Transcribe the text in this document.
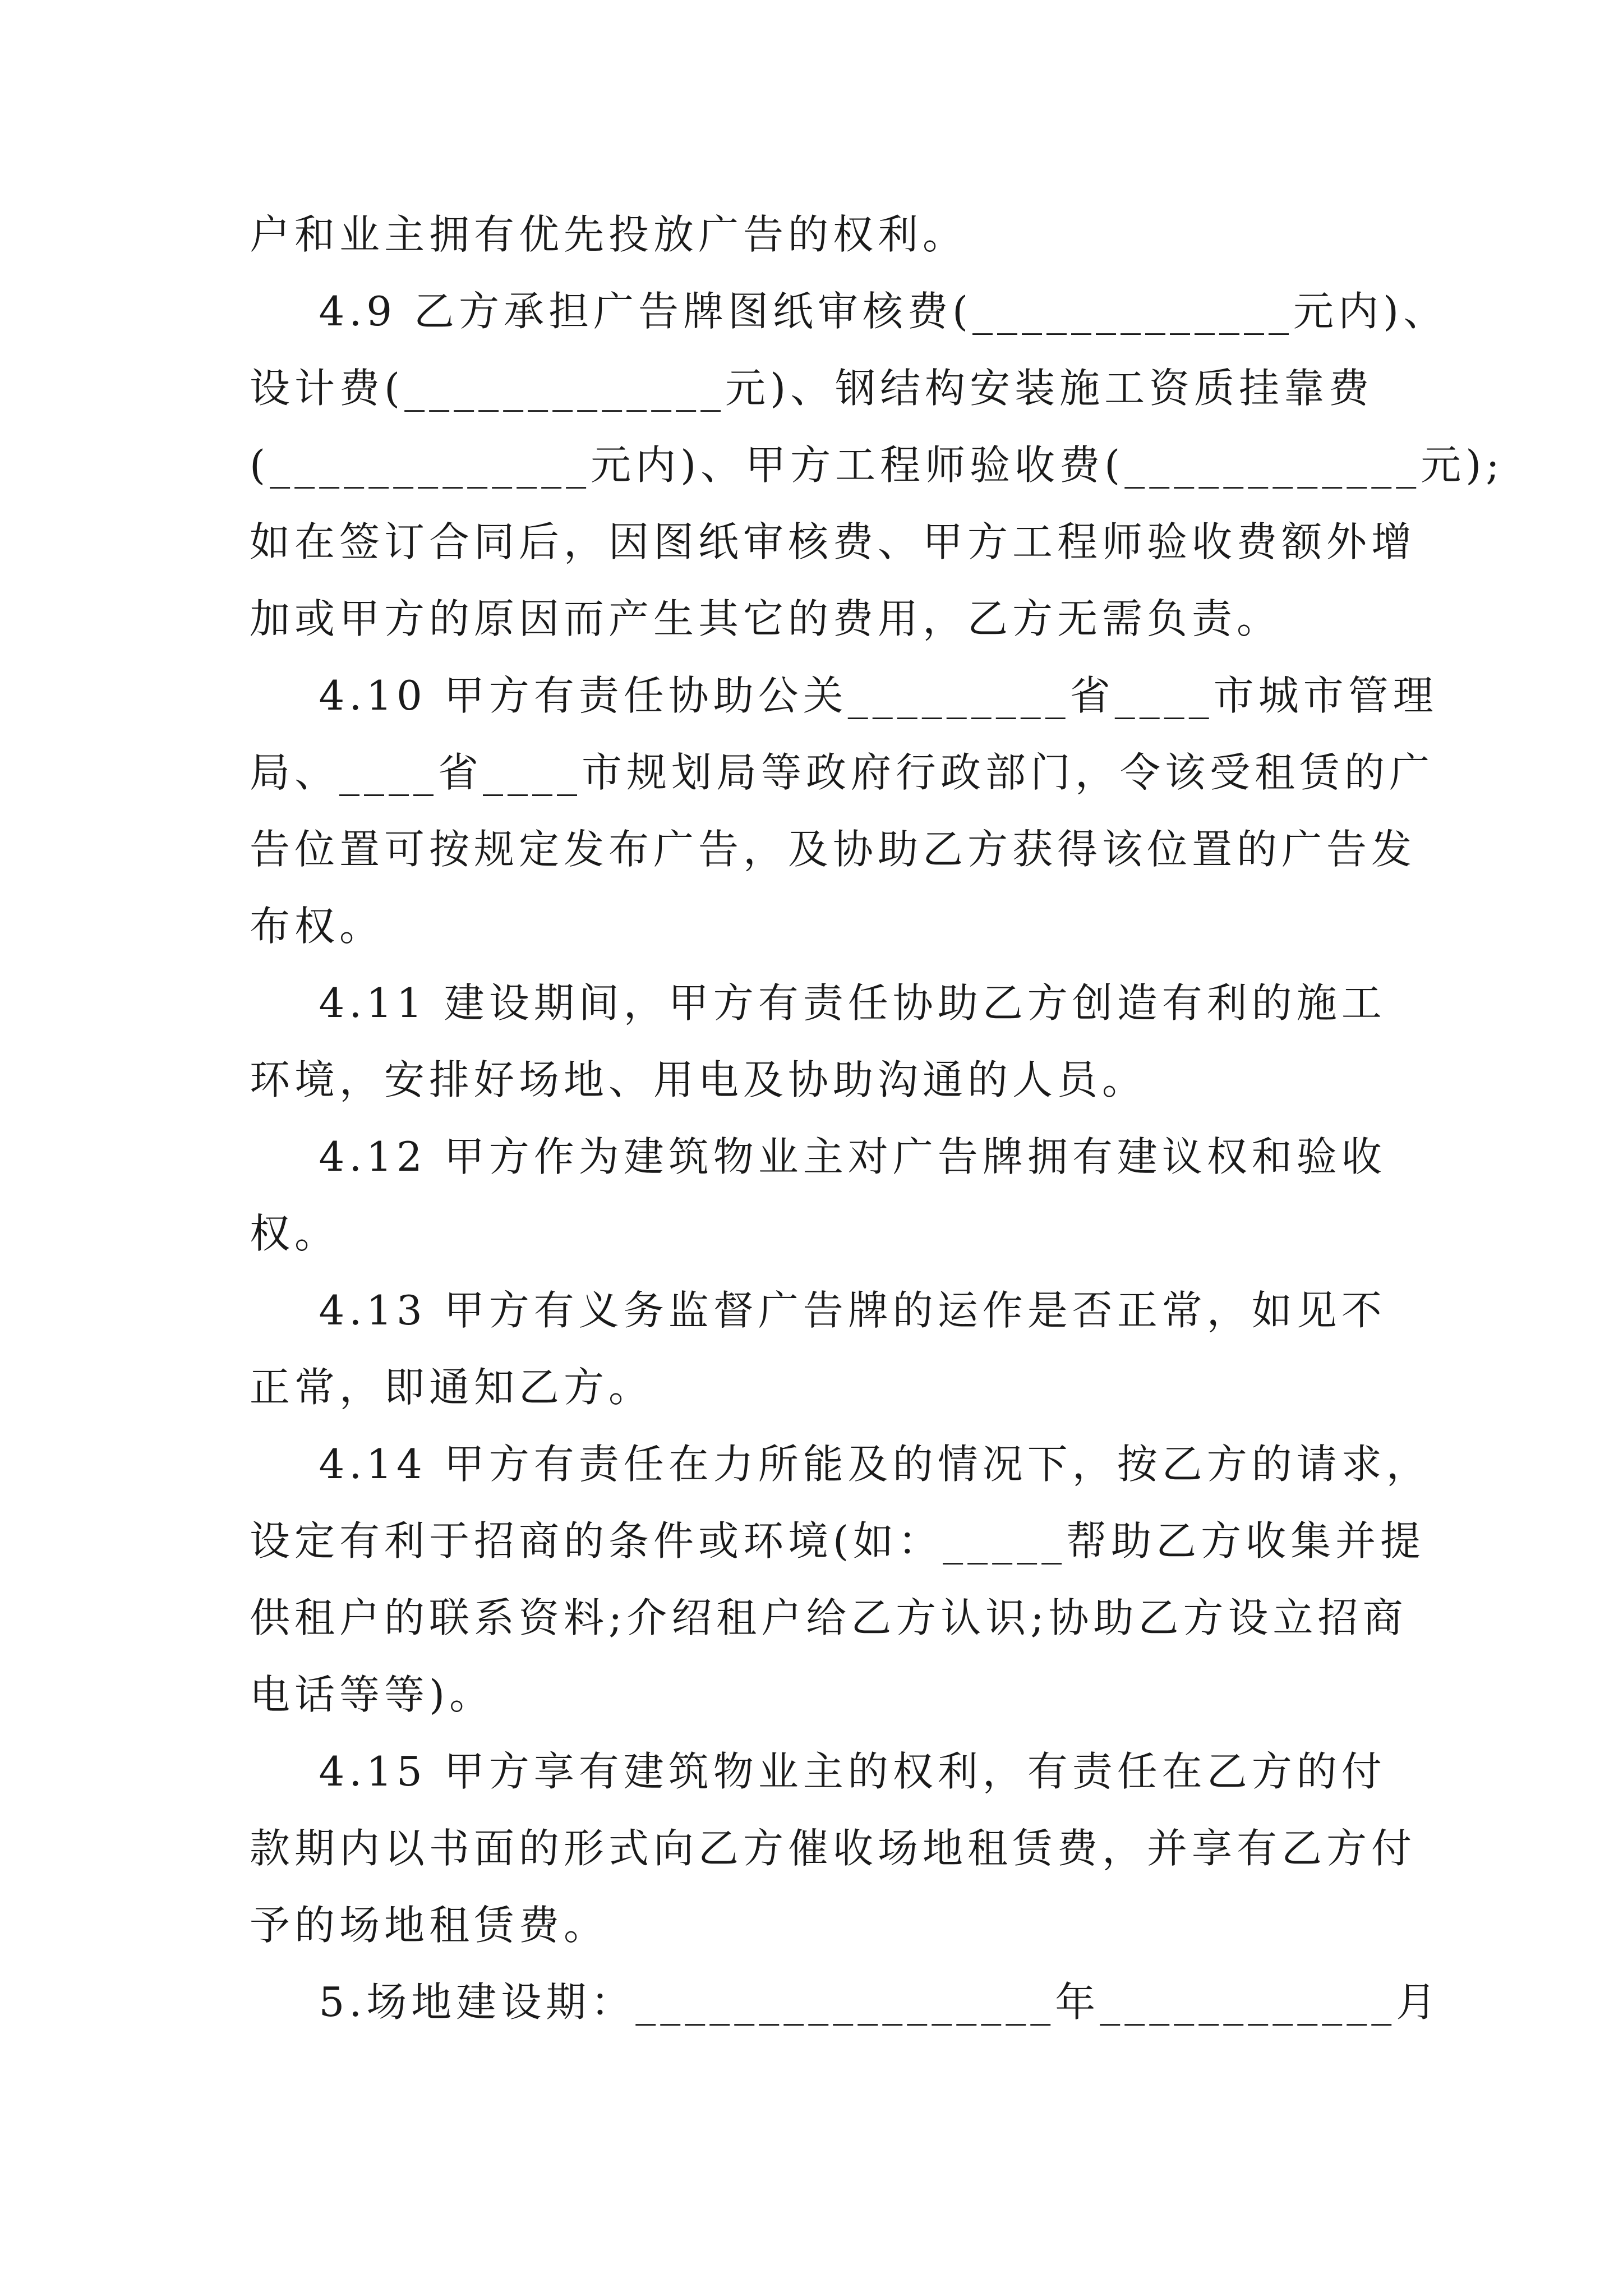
户和业主拥有优先投放广告的权利。
4.9 乙方承担广告牌图纸审核费(_____________元内)、
设计费(_____________元)、钢结构安装施工资质挂靠费
(_____________元内)、甲方工程师验收费(____________元);
如在签订合同后，因图纸审核费、甲方工程师验收费额外增
加或甲方的原因而产生其它的费用，乙方无需负责。
4.10 甲方有责任协助公关_________省____市城市管理
局、____省____市规划局等政府行政部门，令该受租赁的广
告位置可按规定发布广告，及协助乙方获得该位置的广告发
布权。
4.11 建设期间，甲方有责任协助乙方创造有利的施工
环境，安排好场地、用电及协助沟通的人员。
4.12 甲方作为建筑物业主对广告牌拥有建议权和验收
权。
4.13 甲方有义务监督广告牌的运作是否正常，如见不
正常，即通知乙方。
4.14 甲方有责任在力所能及的情况下，按乙方的请求，
设定有利于招商的条件或环境(如：_____帮助乙方收集并提
供租户的联系资料;介绍租户给乙方认识;协助乙方设立招商
电话等等)。
4.15 甲方享有建筑物业主的权利，有责任在乙方的付
款期内以书面的形式向乙方催收场地租赁费，并享有乙方付
予的场地租赁费。
5.场地建设期：_________________年____________月
